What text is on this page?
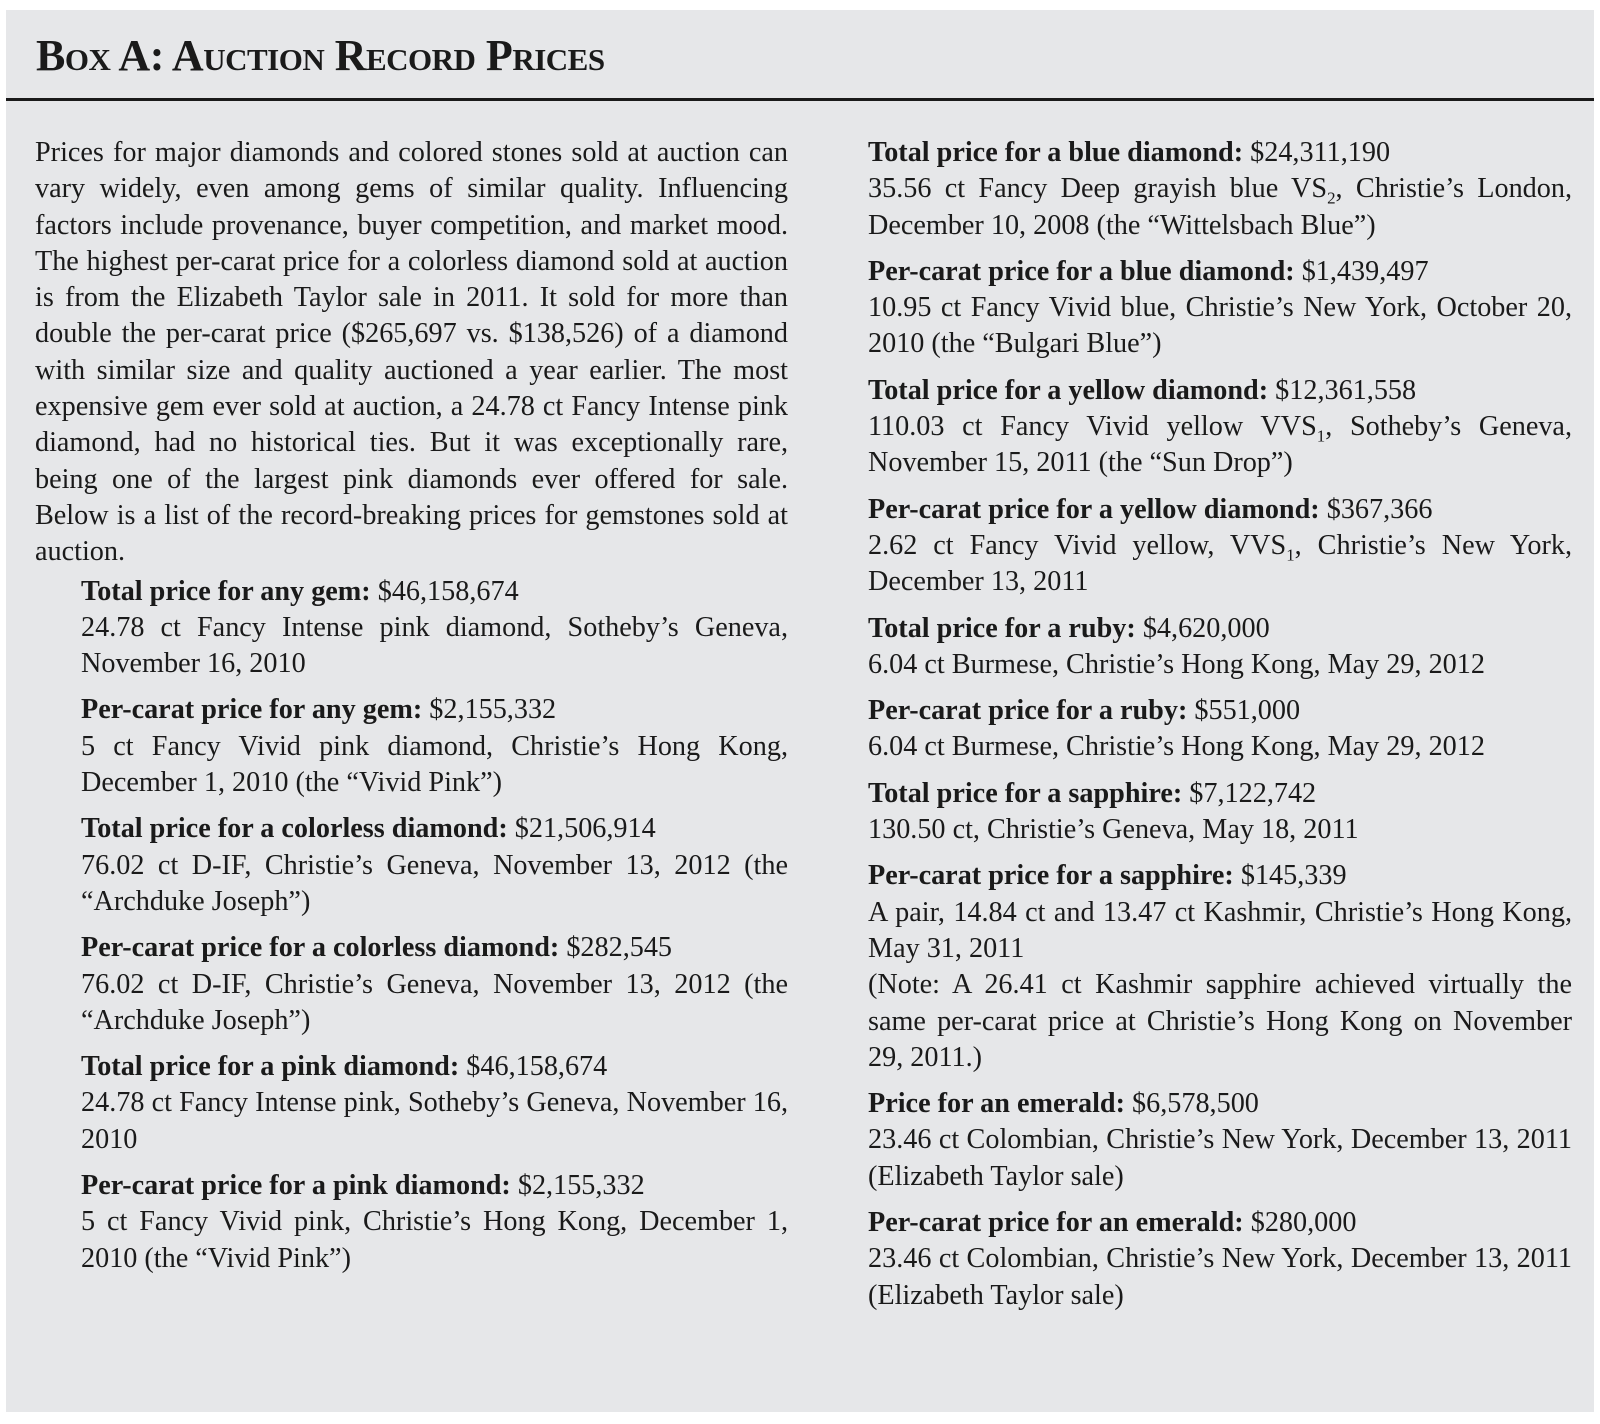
Box A: Auction Record Prices

Prices for major diamonds and colored stones sold at auction can vary widely, even among gems of similar quality. Influencing factors include provenance, buyer competition, and market mood. The highest per-carat price for a colorless diamond sold at auction is from the Elizabeth Taylor sale in 2011. It sold for more than double the per-carat price ($265,697 vs. $138,526) of a diamond with similar size and quality auctioned a year earlier. The most expensive gem ever sold at auction, a 24.78 ct Fancy Intense pink diamond, had no historical ties. But it was exceptionally rare, being one of the largest pink diamonds ever offered for sale. Below is a list of the record-breaking prices for gemstones sold at auction.

Total price for any gem: $46,158,674
24.78 ct Fancy Intense pink diamond, Sotheby’s Geneva, November 16, 2010
Per-carat price for any gem: $2,155,332
5 ct Fancy Vivid pink diamond, Christie’s Hong Kong, December 1, 2010 (the “Vivid Pink”)
Total price for a colorless diamond: $21,506,914
76.02 ct D-IF, Christie’s Geneva, November 13, 2012 (the “Archduke Joseph”)
Per-carat price for a colorless diamond: $282,545
76.02 ct D-IF, Christie’s Geneva, November 13, 2012 (the “Archduke Joseph”)
Total price for a pink diamond: $46,158,674
24.78 ct Fancy Intense pink, Sotheby’s Geneva, November 16, 2010
Per-carat price for a pink diamond: $2,155,332
5 ct Fancy Vivid pink, Christie’s Hong Kong, December 1, 2010 (the “Vivid Pink”)
Total price for a blue diamond: $24,311,190
35.56 ct Fancy Deep grayish blue $VS_2$, Christie’s London, December 10, 2008 (the “Wittelsbach Blue”)
Per-carat price for a blue diamond: $1,439,497
10.95 ct Fancy Vivid blue, Christie’s New York, October 20, 2010 (the “Bulgari Blue”)
Total price for a yellow diamond: $12,361,558
110.03 ct Fancy Vivid yellow $VVS_1$, Sotheby’s Geneva, November 15, 2011 (the “Sun Drop”)
Per-carat price for a yellow diamond: $367,366
2.62 ct Fancy Vivid yellow, $VVS_1$, Christie’s New York, December 13, 2011
Total price for a ruby: $4,620,000
6.04 ct Burmese, Christie’s Hong Kong, May 29, 2012
Per-carat price for a ruby: $551,000
6.04 ct Burmese, Christie’s Hong Kong, May 29, 2012
Total price for a sapphire: $7,122,742
130.50 ct, Christie’s Geneva, May 18, 2011
Per-carat price for a sapphire: $145,339
A pair, 14.84 ct and 13.47 ct Kashmir, Christie’s Hong Kong, May 31, 2011
(Note: A 26.41 ct Kashmir sapphire achieved virtually the same per-carat price at Christie’s Hong Kong on November 29, 2011.)
Price for an emerald: $6,578,500
23.46 ct Colombian, Christie’s New York, December 13, 2011 (Elizabeth Taylor sale)
Per-carat price for an emerald: $280,000
23.46 ct Colombian, Christie’s New York, December 13, 2011 (Elizabeth Taylor sale)
